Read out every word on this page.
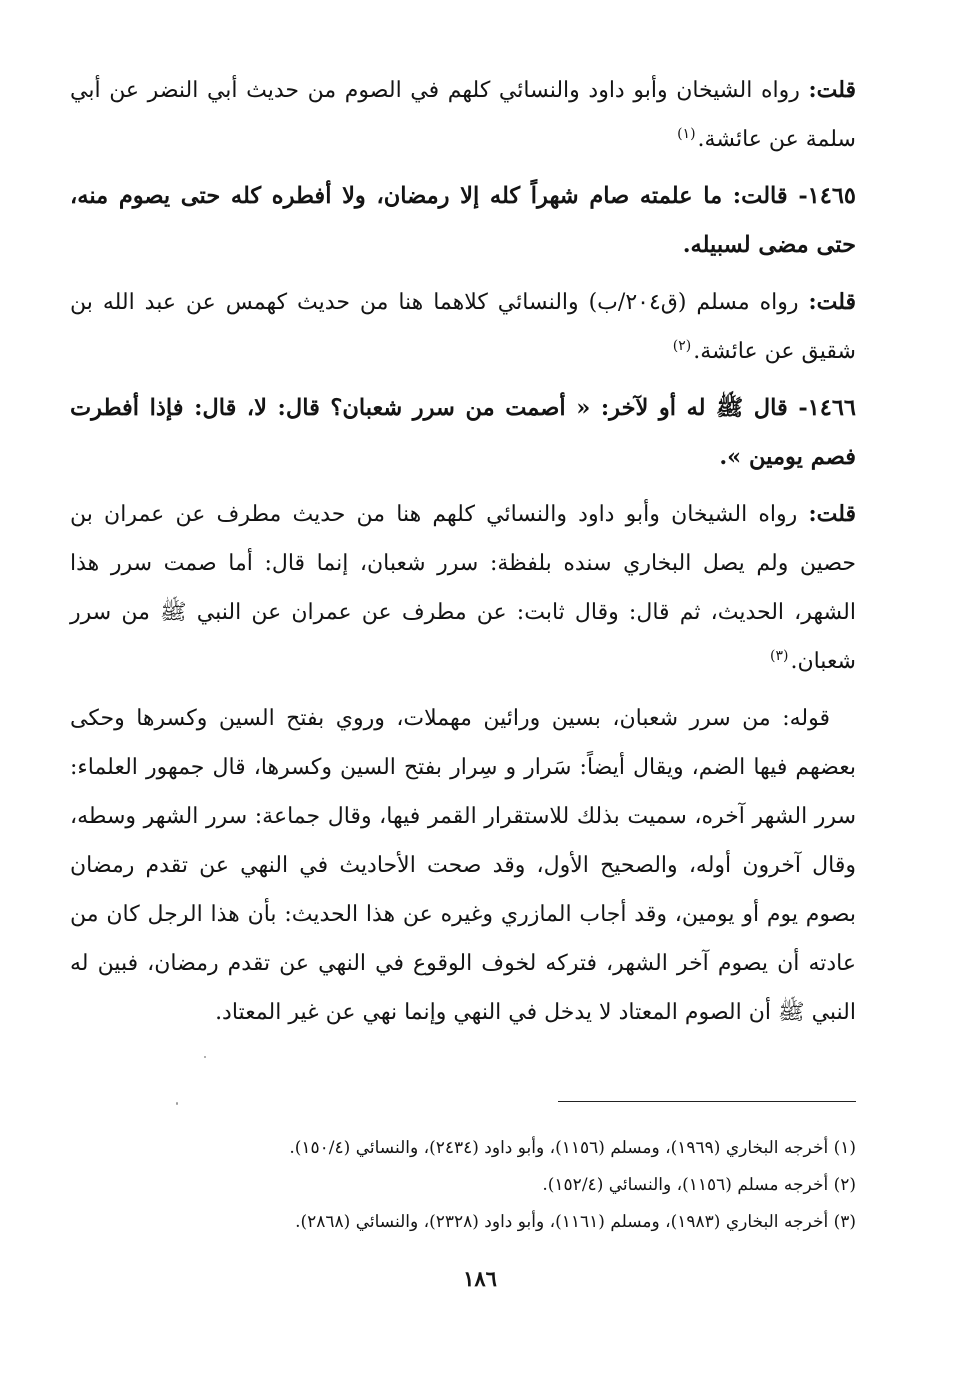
قلت: رواه الشيخان وأبو داود والنسائي كلهم في الصوم من حديث أبي النضر عن أبي سلمة عن عائشة.$^{(١)}$

١٤٦٥- قالت: ما علمته صام شهراً كله إلا رمضان، ولا أفطره كله حتى يصوم منه، حتى مضى لسبيله.

قلت: رواه مسلم (ق٢٠٤/ب) والنسائي كلاهما هنا من حديث كهمس عن عبد الله بن شقيق عن عائشة.$^{(٢)}$

١٤٦٦- قال ﷺ له أو لآخر: « أصمت من سرر شعبان؟ قال: لا، قال: فإذا أفطرت فصم يومين ».

قلت: رواه الشيخان وأبو داود والنسائي كلهم هنا من حديث مطرف عن عمران بن حصين ولم يصل البخاري سنده بلفظة: سرر شعبان، إنما قال: أما صمت سرر هذا الشهر، الحديث، ثم قال: وقال ثابت: عن مطرف عن عمران عن النبي ﷺ من سرر شعبان.$^{(٣)}$

قوله: من سرر شعبان، بسين ورائين مهملات، وروي بفتح السين وكسرها وحكى بعضهم فيها الضم، ويقال أيضاً: سَرار و سِرار بفتح السين وكسرها، قال جمهور العلماء: سرر الشهر آخره، سميت بذلك للاستقرار القمر فيها، وقال جماعة: سرر الشهر وسطه، وقال آخرون أوله، والصحيح الأول، وقد صحت الأحاديث في النهي عن تقدم رمضان بصوم يوم أو يومين، وقد أجاب المازري وغيره عن هذا الحديث: بأن هذا الرجل كان من عادته أن يصوم آخر الشهر، فتركه لخوف الوقوع في النهي عن تقدم رمضان، فبين له النبي ﷺ أن الصوم المعتاد لا يدخل في النهي وإنما نهي عن غير المعتاد.

(١) أخرجه البخاري (١٩٦٩)، ومسلم (١١٥٦)، وأبو داود (٢٤٣٤)، والنسائي (١٥٠/٤).

(٢) أخرجه مسلم (١١٥٦)، والنسائي (١٥٢/٤).

(٣) أخرجه البخاري (١٩٨٣)، ومسلم (١١٦١)، وأبو داود (٢٣٢٨)، والنسائي (٢٨٦٨).

١٨٦
